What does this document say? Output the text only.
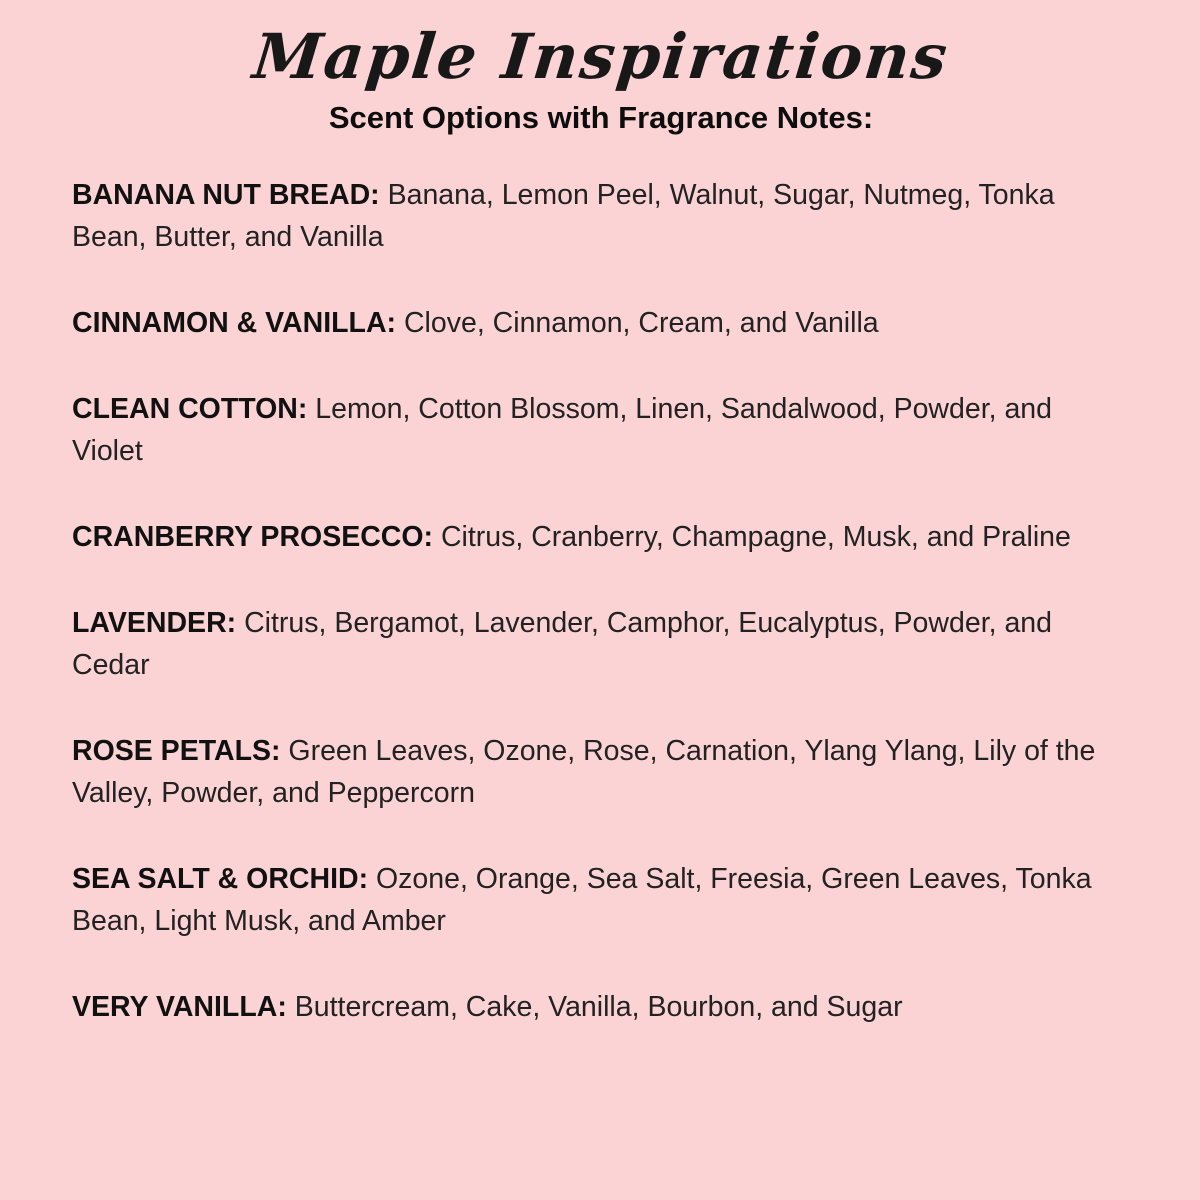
Maple Inspirations
Scent Options with Fragrance Notes:

BANANA NUT BREAD: Banana, Lemon Peel, Walnut, Sugar, Nutmeg, Tonka Bean, Butter, and Vanilla

CINNAMON & VANILLA: Clove, Cinnamon, Cream, and Vanilla

CLEAN COTTON: Lemon, Cotton Blossom, Linen, Sandalwood, Powder, and Violet

CRANBERRY PROSECCO: Citrus, Cranberry, Champagne, Musk, and Praline

LAVENDER: Citrus, Bergamot, Lavender, Camphor, Eucalyptus, Powder, and Cedar

ROSE PETALS: Green Leaves, Ozone, Rose, Carnation, Ylang Ylang, Lily of the Valley, Powder, and Peppercorn

SEA SALT & ORCHID: Ozone, Orange, Sea Salt, Freesia, Green Leaves, Tonka Bean, Light Musk, and Amber

VERY VANILLA: Buttercream, Cake, Vanilla, Bourbon, and Sugar
